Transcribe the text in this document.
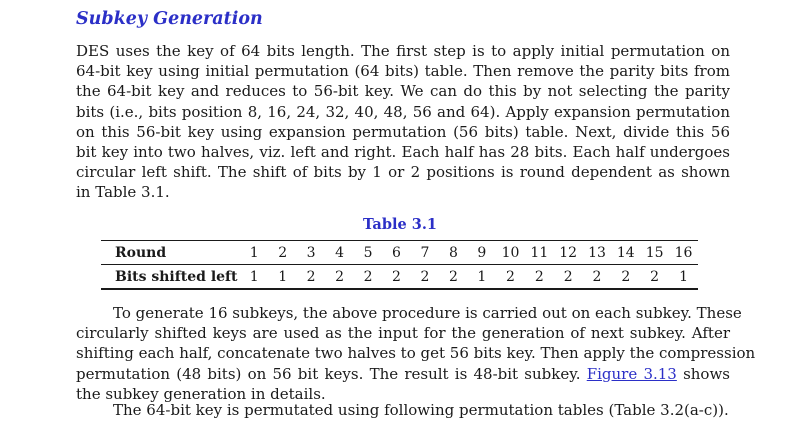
Subkey Generation
DES uses the key of 64 bits length. The first step is to apply initial permutation on
64-bit key using initial permutation (64 bits) table. Then remove the parity bits from
the 64-bit key and reduces to 56-bit key. We can do this by not selecting the parity
bits (i.e., bits position 8, 16, 24, 32, 40, 48, 56 and 64). Apply expansion permutation
on this 56-bit key using expansion permutation (56 bits) table. Next, divide this 56
bit key into two halves, viz. left and right. Each half has 28 bits. Each half undergoes
circular left shift. The shift of bits by 1 or 2 positions is round dependent as shown
in Table 3.1.
Table 3.1
Round	1	2	3	4	5	6	7	8	9	10	11	12	13	14	15	16
Bits shifted left	1	1	2	2	2	2	2	2	1	2	2	2	2	2	2	1
To generate 16 subkeys, the above procedure is carried out on each subkey. These
circularly shifted keys are used as the input for the generation of next subkey. After
shifting each half, concatenate two halves to get 56 bits key. Then apply the compression
permutation (48 bits) on 56 bit keys. The result is 48-bit subkey. Figure 3.13 shows
the subkey generation in details.
The 64-bit key is permutated using following permutation tables (Table 3.2(a-c)).
